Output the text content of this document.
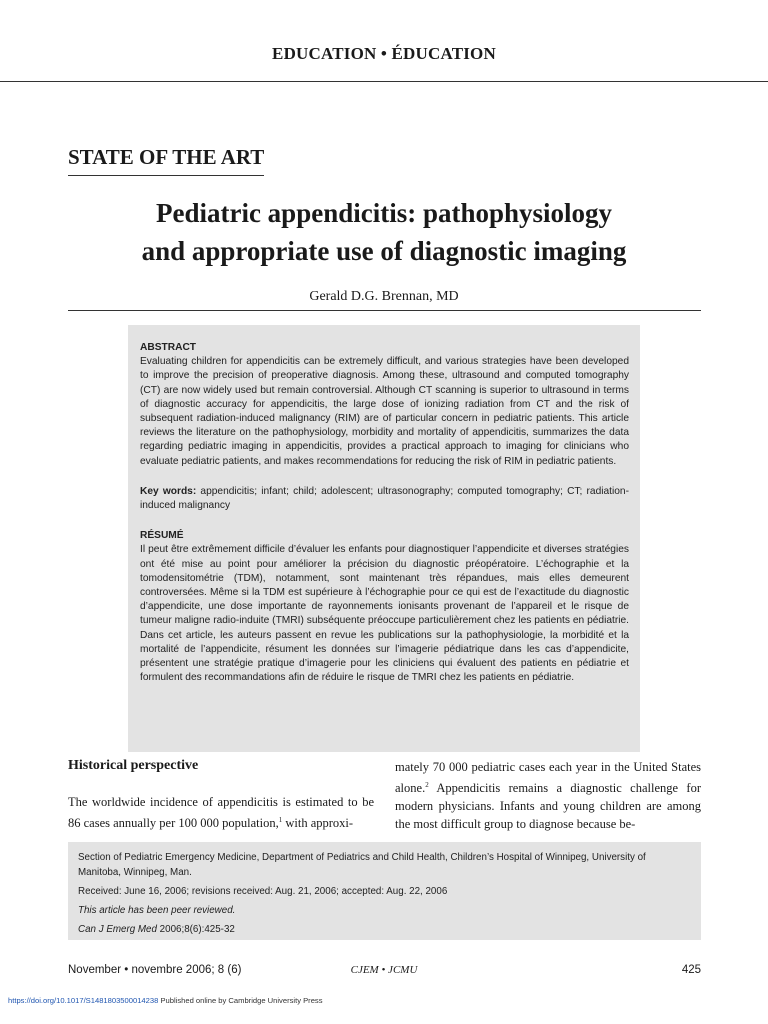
EDUCATION • ÉDUCATION
STATE OF THE ART
Pediatric appendicitis: pathophysiology
and appropriate use of diagnostic imaging
Gerald D.G. Brennan, MD
ABSTRACT

Evaluating children for appendicitis can be extremely difficult, and various strategies have been developed to improve the precision of preoperative diagnosis. Among these, ultrasound and computed tomography (CT) are now widely used but remain controversial. Although CT scanning is superior to ultrasound in terms of diagnostic accuracy for appendicitis, the large dose of ionizing radiation from CT and the risk of subsequent radiation-induced malignancy (RIM) are of particular concern in pediatric patients. This article reviews the literature on the pathophysiology, morbidity and mortality of appendicitis, summarizes the data regarding pediatric imaging in appendicitis, provides a practical approach to imaging for clinicians who evaluate pediatric patients, and makes recommendations for reducing the risk of RIM in pediatric patients.

Key words: appendicitis; infant; child; adolescent; ultrasonography; computed tomography; CT; radiation-induced malignancy

RÉSUMÉ

Il peut être extrêmement difficile d’évaluer les enfants pour diagnostiquer l’appendicite et diverses stratégies ont été mise au point pour améliorer la précision du diagnostic préopératoire. L’échographie et la tomodensitométrie (TDM), notamment, sont maintenant très répandues, mais elles demeurent controversées. Même si la TDM est supérieure à l’échographie pour ce qui est de l’exactitude du diagnostic d’appendicite, une dose importante de rayonnements ionisants provenant de l’appareil et le risque de tumeur maligne radio-induite (TMRI) subséquente préoccupe particulièrement chez les patients en pédiatrie. Dans cet article, les auteurs passent en revue les publications sur la pathophysiologie, la morbidité et la mortalité de l’appendicite, résument les données sur l’imagerie pédiatrique dans les cas d’appendicite, présentent une stratégie pratique d’imagerie pour les cliniciens qui évaluent des patients en pédiatrie et formulent des recommandations afin de réduire le risque de TMRI chez les patients en pédiatrie.

Historical perspective
The worldwide incidence of appendicitis is estimated to be 86 cases annually per 100 000 population,$^1$ with approxi-
mately 70 000 pediatric cases each year in the United States alone.$^2$ Appendicitis remains a diagnostic challenge for modern physicians. Infants and young children are among the most difficult group to diagnose because be-
Section of Pediatric Emergency Medicine, Department of Pediatrics and Child Health, Children’s Hospital of Winnipeg, University of Manitoba, Winnipeg, Man.
Received: June 16, 2006; revisions received: Aug. 21, 2006; accepted: Aug. 22, 2006
This article has been peer reviewed.
Can J Emerg Med 2006;8(6):425-32
November • novembre 2006; 8 (6)	CJEM • JCMU	425
https://doi.org/10.1017/S1481803500014238 Published online by Cambridge University Press
